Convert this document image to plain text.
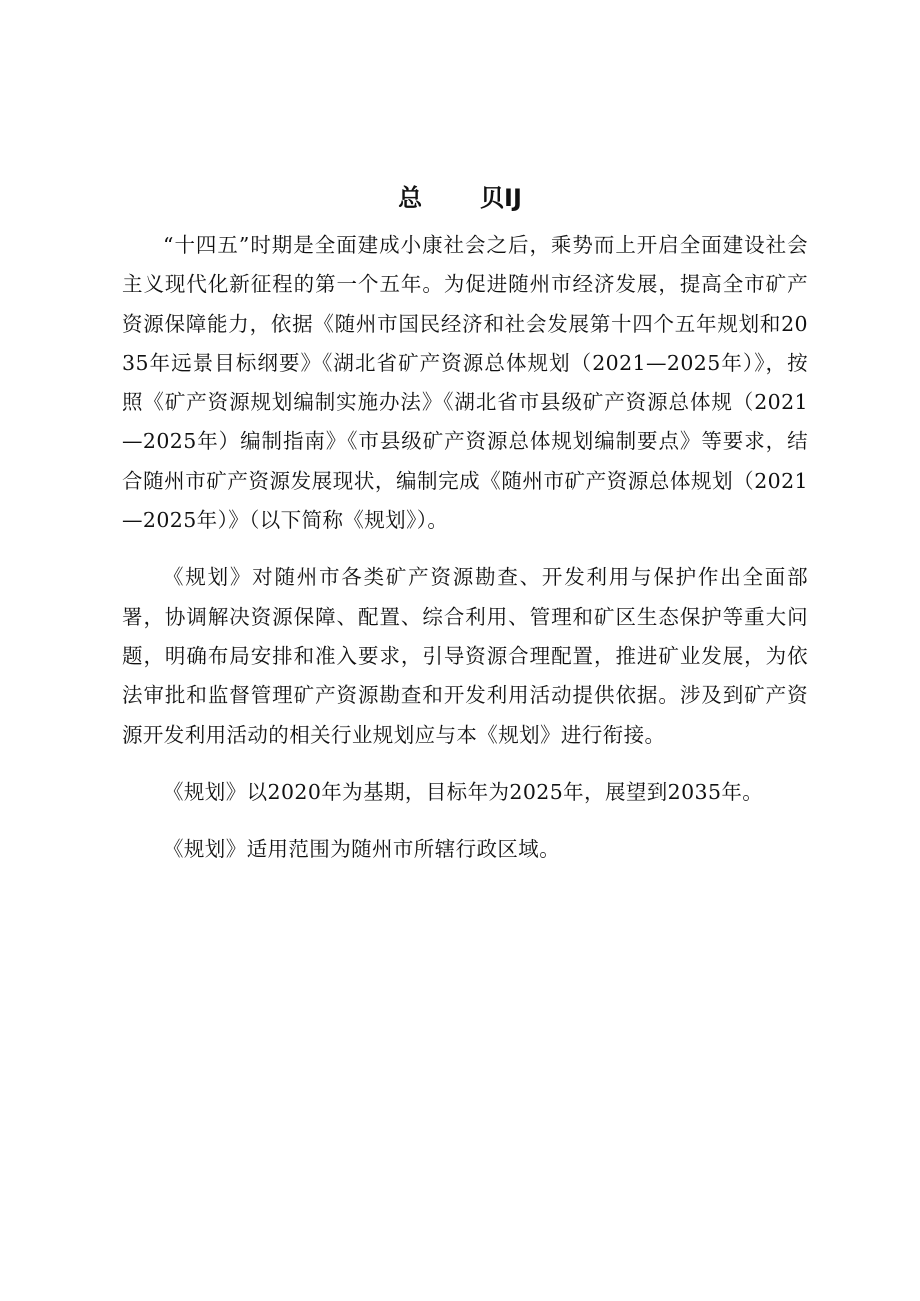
总 贝IJ

“十四五”时期是全面建成小康社会之后，乘势而上开启全面建设社会主义现代化新征程的第一个五年。为促进随州市经济发展，提高全市矿产资源保障能力，依据《随州市国民经济和社会发展第十四个五年规划和2035年远景目标纲要》《湖北省矿产资源总体规划（2021—2025年）》，按照《矿产资源规划编制实施办法》《湖北省市县级矿产资源总体规（2021—2025年）编制指南》《市县级矿产资源总体规划编制要点》等要求，结合随州市矿产资源发展现状，编制完成《随州市矿产资源总体规划（2021—2025年）》（以下简称《规划》）。

《规划》对随州市各类矿产资源勘查、开发利用与保护作出全面部署，协调解决资源保障、配置、综合利用、管理和矿区生态保护等重大问题，明确布局安排和准入要求，引导资源合理配置，推进矿业发展，为依法审批和监督管理矿产资源勘查和开发利用活动提供依据。涉及到矿产资源开发利用活动的相关行业规划应与本《规划》进行衔接。

《规划》以2020年为基期，目标年为2025年，展望到2035年。

《规划》适用范围为随州市所辖行政区域。
